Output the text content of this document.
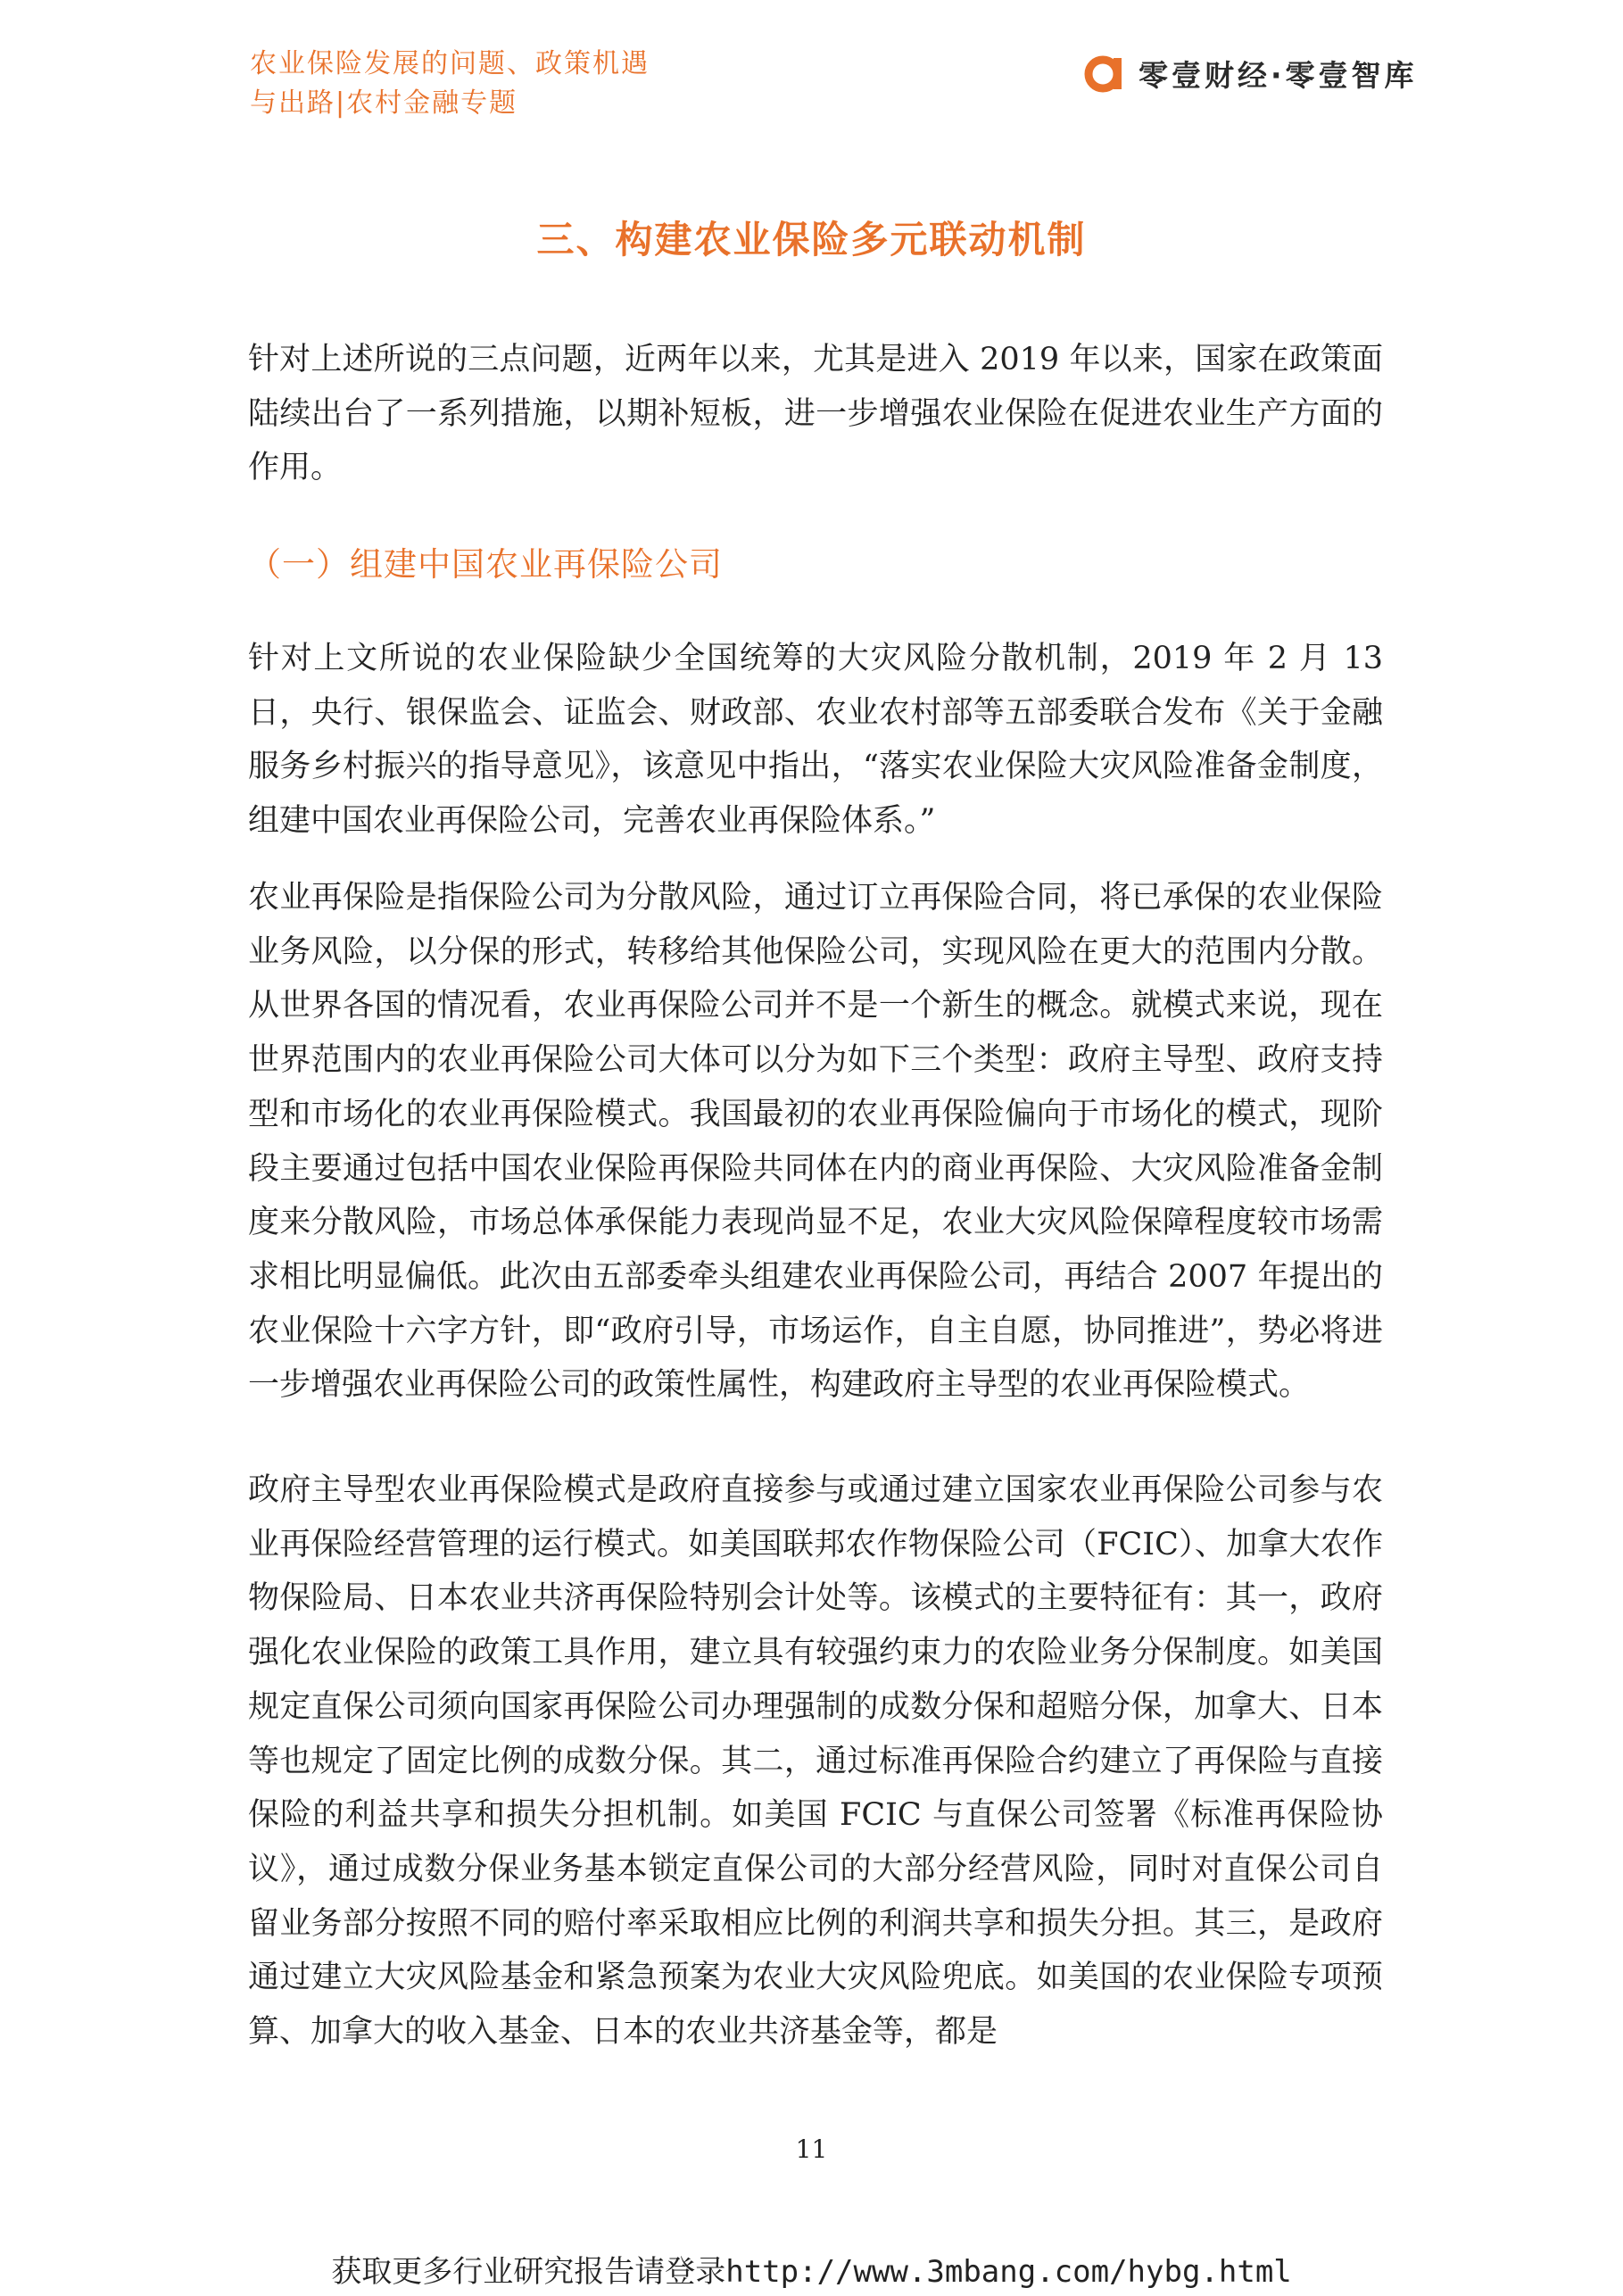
农业保险发展的问题、政策机遇
与出路|农村金融专题
零壹财经·零壹智库
三、构建农业保险多元联动机制

针对上述所说的三点问题，近两年以来，尤其是进入 2019 年以来，国家在政策面陆续出台了一系列措施，以期补短板，进一步增强农业保险在促进农业生产方面的作用。

（一）组建中国农业再保险公司

针对上文所说的农业保险缺少全国统筹的大灾风险分散机制，2019 年 2 月 13 日，央行、银保监会、证监会、财政部、农业农村部等五部委联合发布《关于金融服务乡村振兴的指导意见》，该意见中指出，“落实农业保险大灾风险准备金制度，组建中国农业再保险公司，完善农业再保险体系。”

农业再保险是指保险公司为分散风险，通过订立再保险合同，将已承保的农业保险业务风险，以分保的形式，转移给其他保险公司，实现风险在更大的范围内分散。从世界各国的情况看，农业再保险公司并不是一个新生的概念。就模式来说，现在世界范围内的农业再保险公司大体可以分为如下三个类型：政府主导型、政府支持型和市场化的农业再保险模式。我国最初的农业再保险偏向于市场化的模式，现阶段主要通过包括中国农业保险再保险共同体在内的商业再保险、大灾风险准备金制度来分散风险，市场总体承保能力表现尚显不足，农业大灾风险保障程度较市场需求相比明显偏低。此次由五部委牵头组建农业再保险公司，再结合 2007 年提出的农业保险十六字方针，即“政府引导，市场运作，自主自愿，协同推进”，势必将进一步增强农业再保险公司的政策性属性，构建政府主导型的农业再保险模式。

政府主导型农业再保险模式是政府直接参与或通过建立国家农业再保险公司参与农业再保险经营管理的运行模式。如美国联邦农作物保险公司（FCIC）、加拿大农作物保险局、日本农业共济再保险特别会计处等。该模式的主要特征有：其一，政府强化农业保险的政策工具作用，建立具有较强约束力的农险业务分保制度。如美国规定直保公司须向国家再保险公司办理强制的成数分保和超赔分保，加拿大、日本等也规定了固定比例的成数分保。其二，通过标准再保险合约建立了再保险与直接保险的利益共享和损失分担机制。如美国 FCIC 与直保公司签署《标准再保险协议》，通过成数分保业务基本锁定直保公司的大部分经营风险，同时对直保公司自留业务部分按照不同的赔付率采取相应比例的利润共享和损失分担。其三，是政府通过建立大灾风险基金和紧急预案为农业大灾风险兜底。如美国的农业保险专项预算、加拿大的收入基金、日本的农业共济基金等，都是

11
获取更多行业研究报告请登录http://www.3mbang.com/hybg.html
